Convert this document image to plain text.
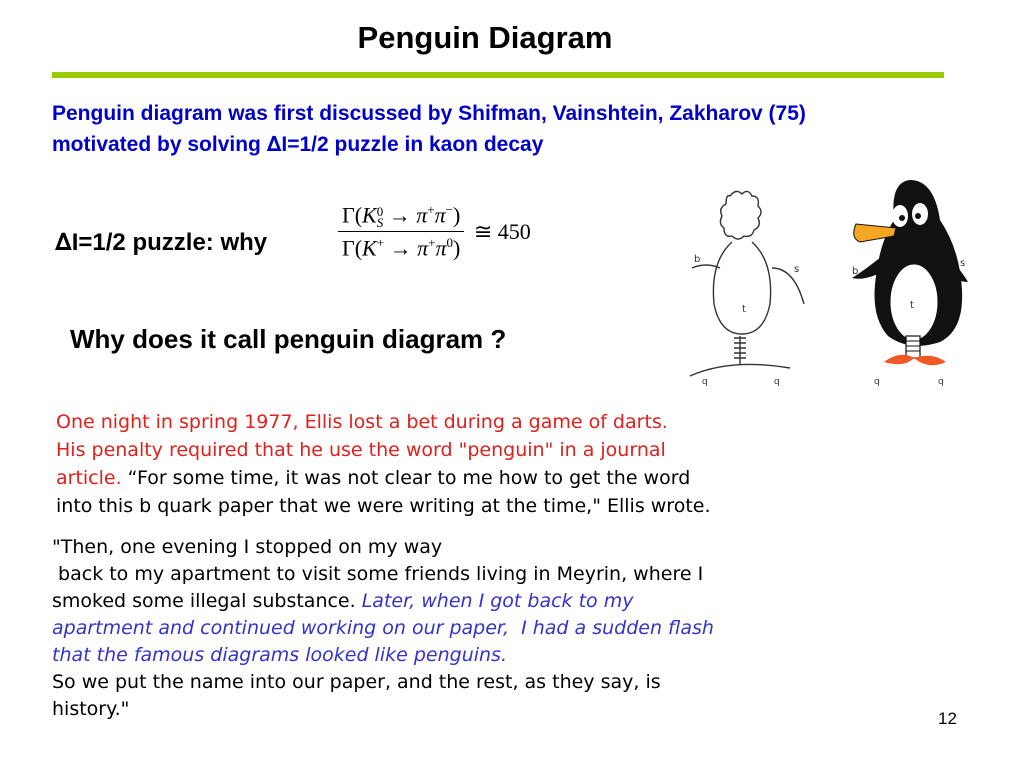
Penguin Diagram
Penguin diagram was first discussed by Shifman, Vainshtein, Zakharov (75)
motivated by solving ∆I=1/2 puzzle in kaon decay
∆I=1/2 puzzle: why	Γ(K 0
S → π+π−)
$\Gamma(K^+ \to \pi^+\pi^0)$ ≅ 450
Why does it call penguin diagram ?
b
s
t
q	q
b
s
t
q	q
One night in spring 1977, Ellis lost a bet during a game of darts.
His penalty required that he use the word "penguin" in a journal
article. “For some time, it was not clear to me how to get the word
into this b quark paper that we were writing at the time," Ellis wrote.
"Then, one evening I stopped on my way
back to my apartment to visit some friends living in Meyrin, where I
smoked some illegal substance. Later, when I got back to my
apartment and continued working on our paper,  I had a sudden flash
that the famous diagrams looked like penguins.
So we put the name into our paper, and the rest, as they say, is
history."	12
